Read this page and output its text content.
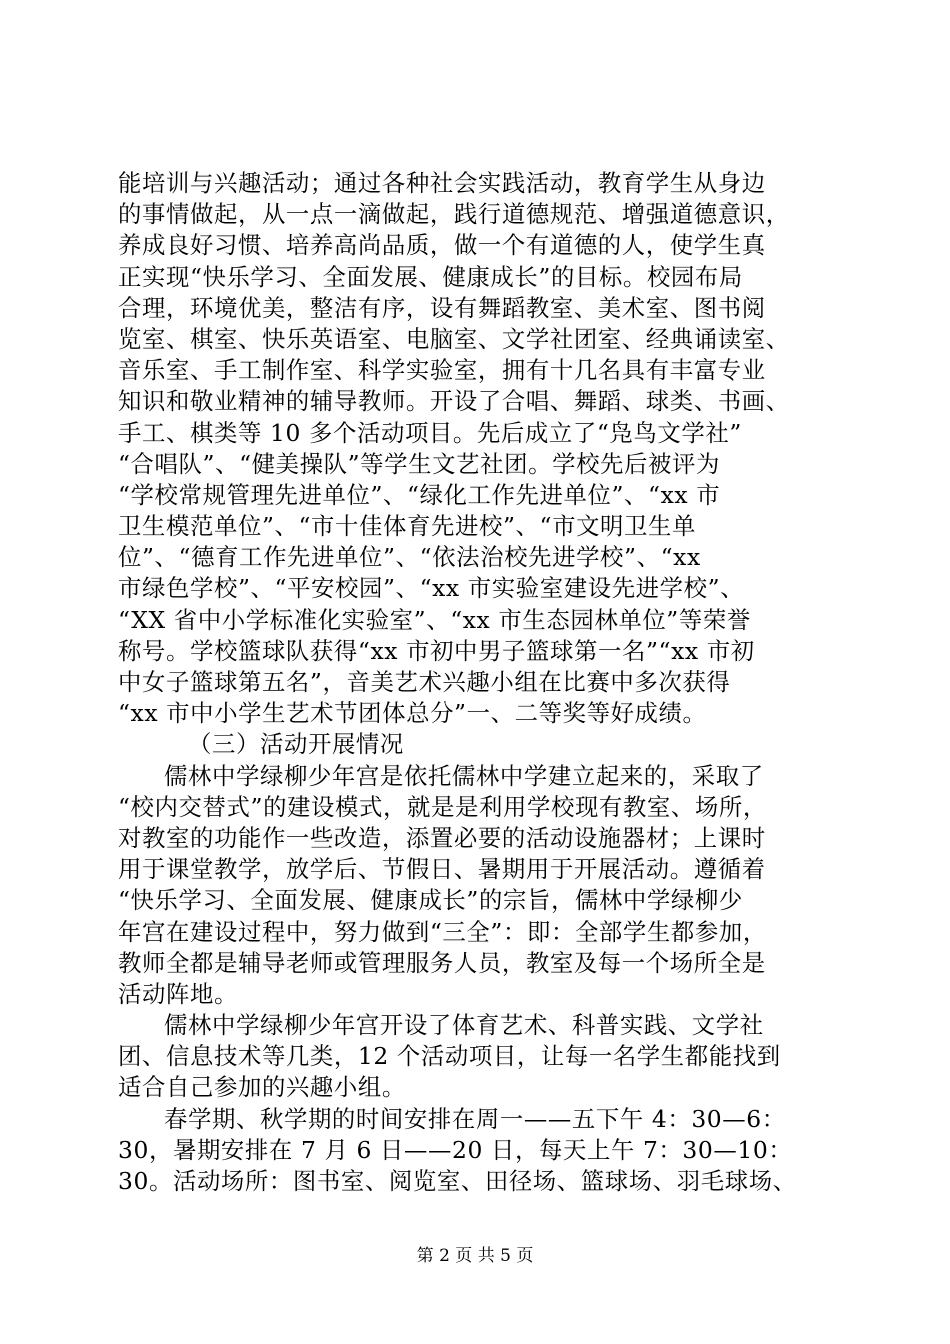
能培训与兴趣活动；通过各种社会实践活动，教育学生从身边
的事情做起，从一点一滴做起，践行道德规范、增强道德意识，
养成良好习惯、培养高尚品质，做一个有道德的人，使学生真
正实现“快乐学习、全面发展、健康成长”的目标。校园布局
合理，环境优美，整洁有序，设有舞蹈教室、美术室、图书阅
览室、棋室、快乐英语室、电脑室、文学社团室、经典诵读室、
音乐室、手工制作室、科学实验室，拥有十几名具有丰富专业
知识和敬业精神的辅导教师。开设了合唱、舞蹈、球类、书画、
手工、棋类等 10 多个活动项目。先后成立了“凫鸟文学社”
“合唱队”、“健美操队”等学生文艺社团。学校先后被评为
“学校常规管理先进单位”、“绿化工作先进单位”、“xx 市
卫生模范单位”、“市十佳体育先进校”、“市文明卫生单
位”、“德育工作先进单位”、“依法治校先进学校”、“xx
市绿色学校”、“平安校园”、“xx 市实验室建设先进学校”、
“XX 省中小学标准化实验室”、“xx 市生态园林单位”等荣誉
称号。学校篮球队获得“xx 市初中男子篮球第一名”“xx 市初
中女子篮球第五名”，音美艺术兴趣小组在比赛中多次获得
“xx 市中小学生艺术节团体总分”一、二等奖等好成绩。
（三）活动开展情况
儒林中学绿柳少年宫是依托儒林中学建立起来的，采取了
“校内交替式”的建设模式，就是是利用学校现有教室、场所，
对教室的功能作一些改造，添置必要的活动设施器材；上课时
用于课堂教学，放学后、节假日、暑期用于开展活动。遵循着
“快乐学习、全面发展、健康成长”的宗旨，儒林中学绿柳少
年宫在建设过程中，努力做到“三全”：即：全部学生都参加，
教师全都是辅导老师或管理服务人员，教室及每一个场所全是
活动阵地。
儒林中学绿柳少年宫开设了体育艺术、科普实践、文学社
团、信息技术等几类，12 个活动项目，让每一名学生都能找到
适合自己参加的兴趣小组。
春学期、秋学期的时间安排在周一——五下午 4：30—6：
30，暑期安排在 7 月 6 日——20 日，每天上午 7：30—10：
30。活动场所：图书室、阅览室、田径场、篮球场、羽毛球场、
第 2 页 共 5 页
